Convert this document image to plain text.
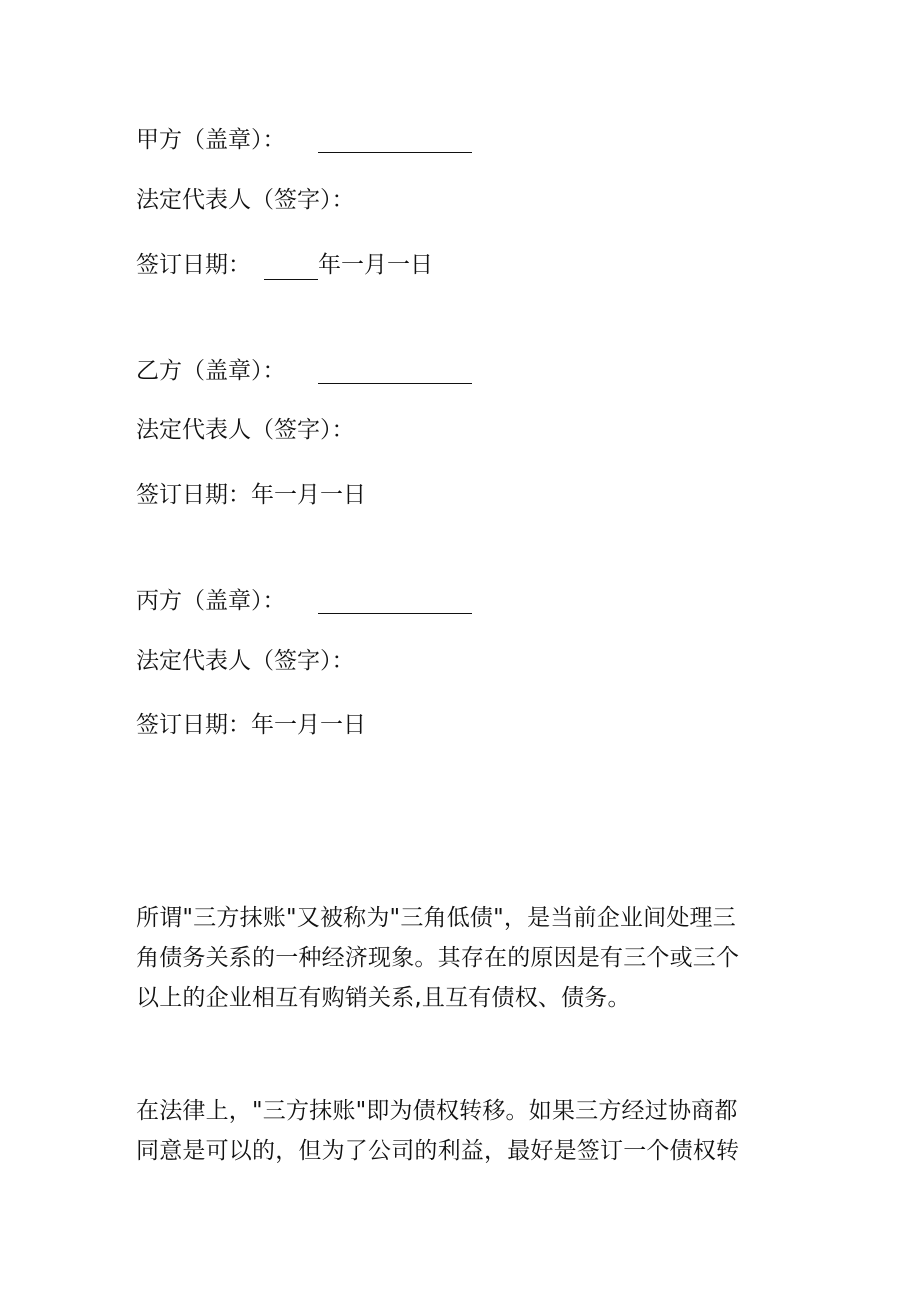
甲方（盖章）：
法定代表人（签字）：
签订日期：	年一月一日
乙方（盖章）：
法定代表人（签字）：
签订日期：年一月一日
丙方（盖章）：
法定代表人（签字）：
签订日期：年一月一日
所谓"三方抹账"又被称为"三角低债"，是当前企业间处理三
角债务关系的一种经济现象。其存在的原因是有三个或三个
以上的企业相互有购销关系,且互有债权、债务。
在法律上，"三方抹账"即为债权转移。如果三方经过协商都
同意是可以的，但为了公司的利益，最好是签订一个债权转
